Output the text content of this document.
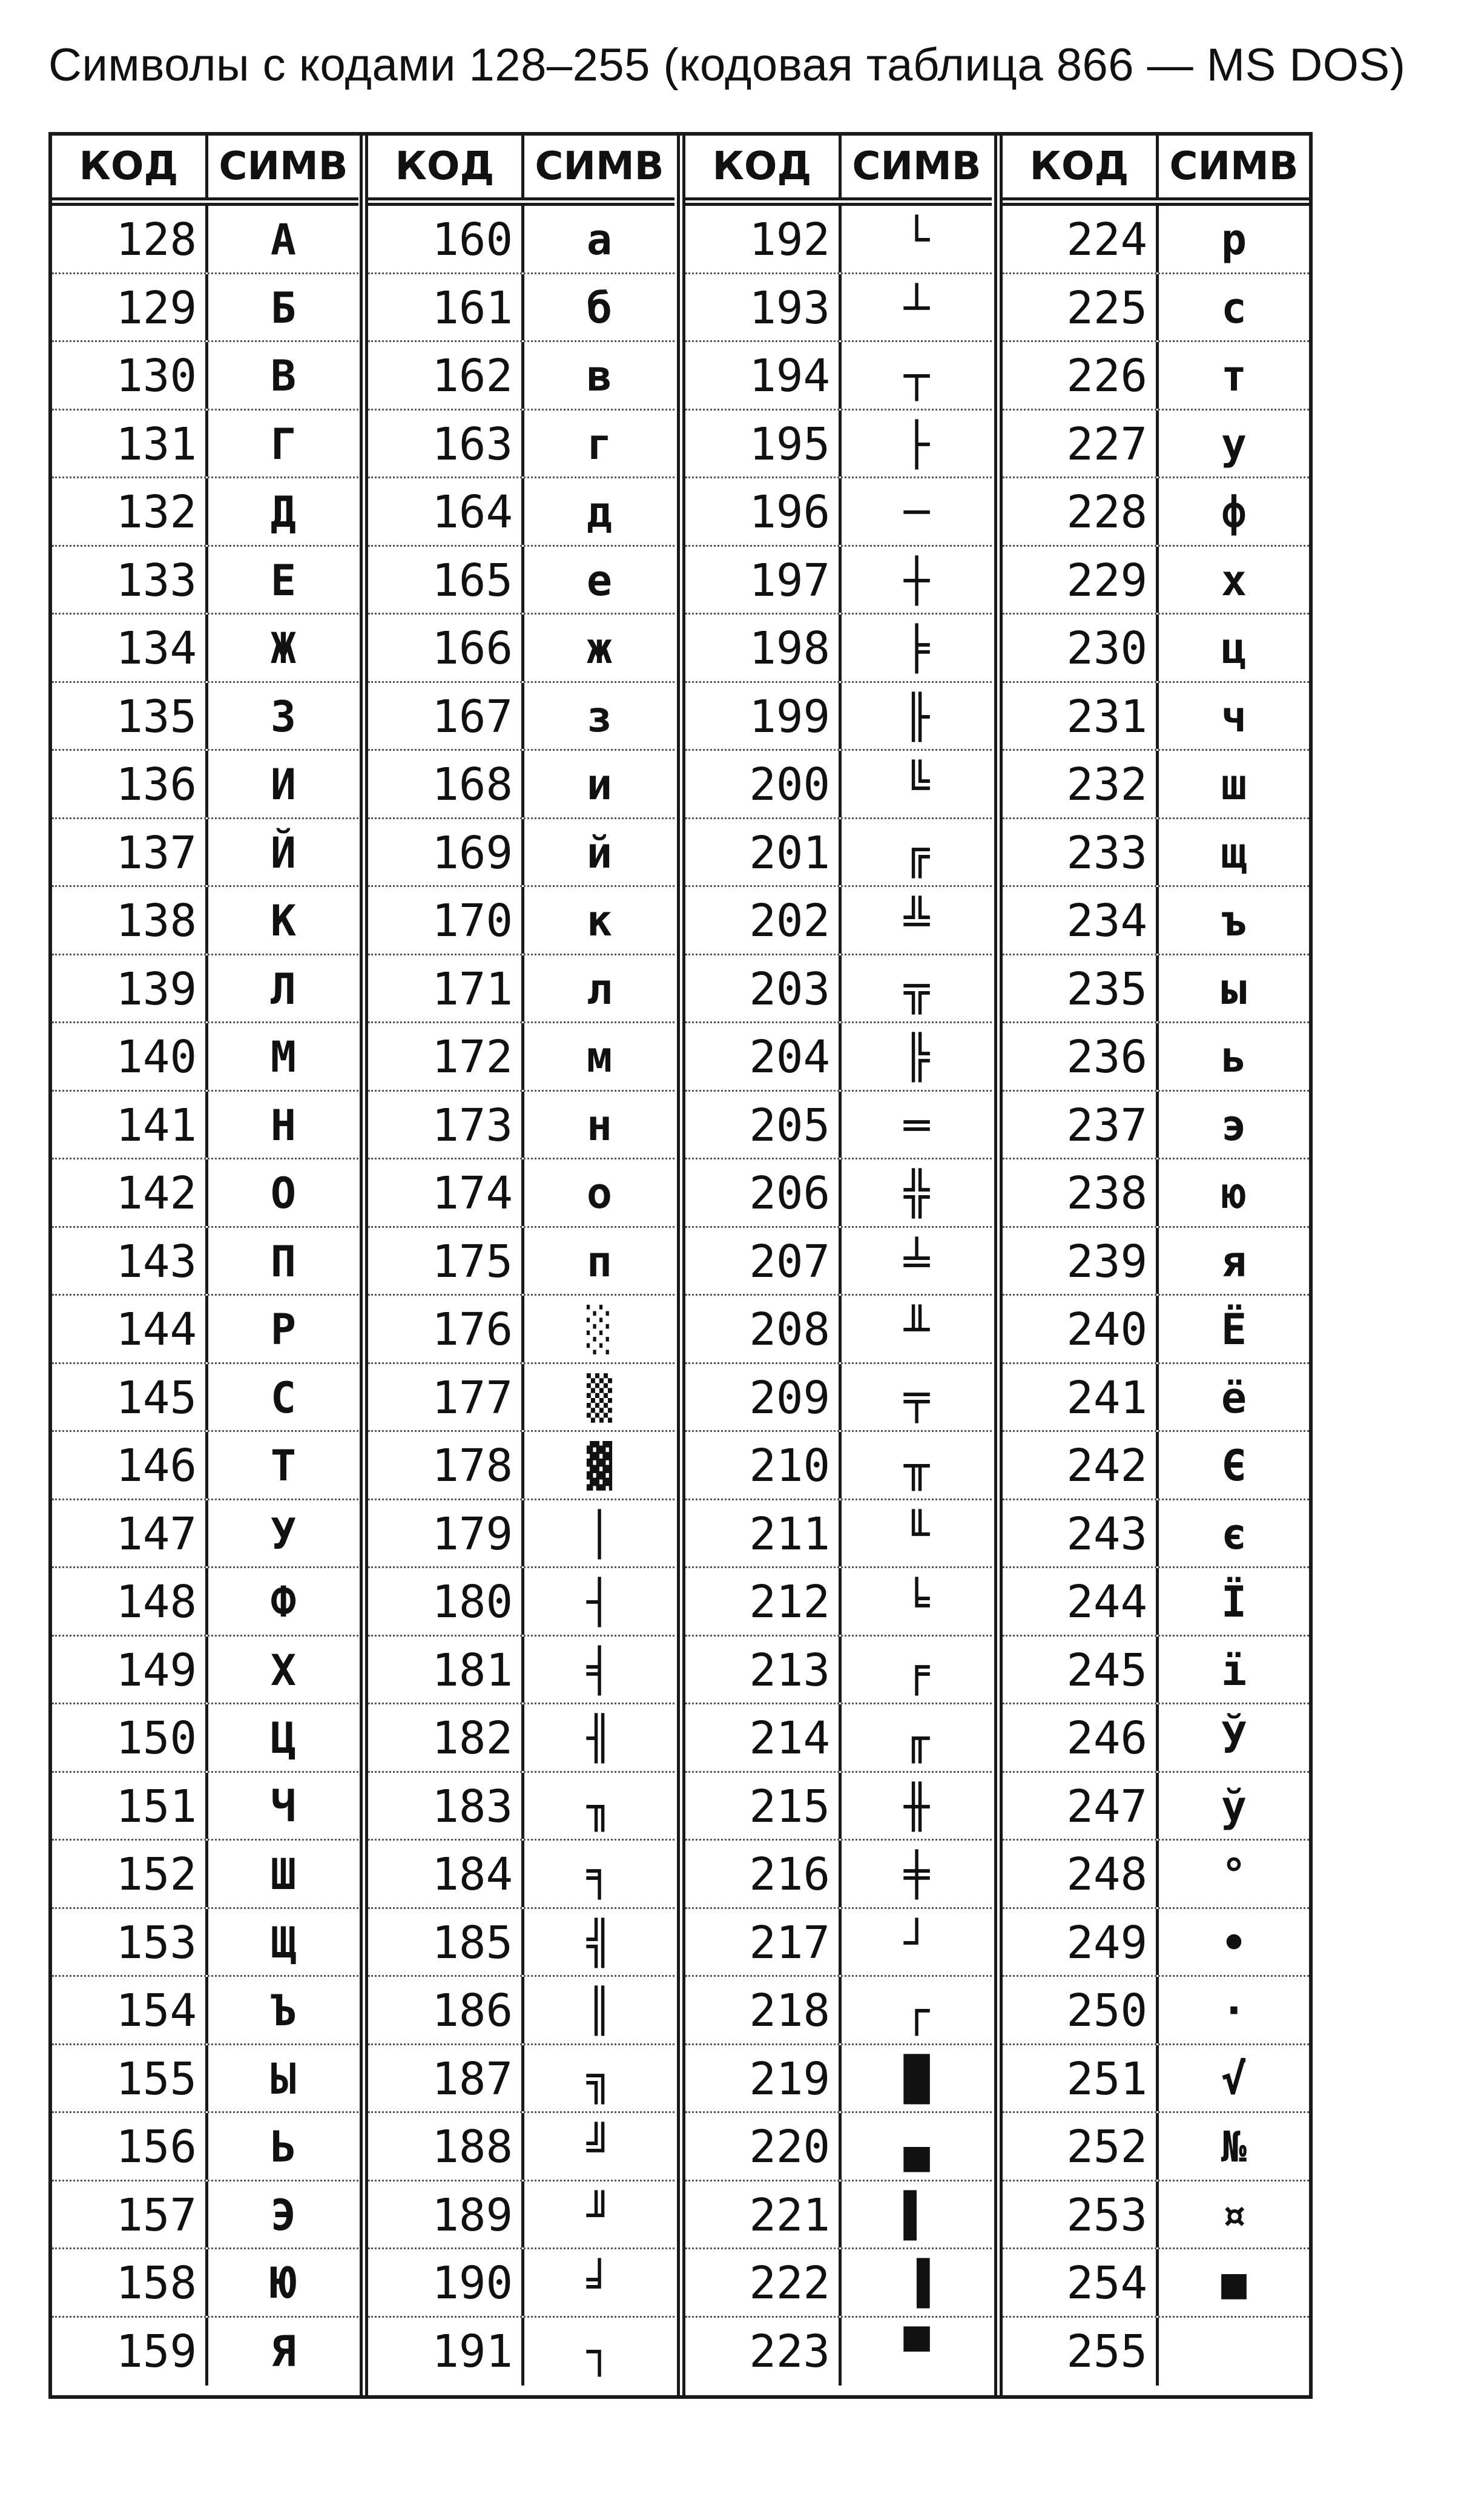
Символы с кодами 128–255 (кодовая таблица 866 — MS DOS)
КОД	СИМВ
128	А
129	Б
130	В
131	Г
132	Д
133	Е
134	Ж
135	З
136	И
137	Й
138	К
139	Л
140	М
141	Н
142	О
143	П
144	Р
145	С
146	Т
147	У
148	Ф
149	Х
150	Ц
151	Ч
152	Ш
153	Щ
154	Ъ
155	Ы
156	Ь
157	Э
158	Ю
159	Я
КОД	СИМВ
160	а
161	б
162	в
163	г
164	д
165	е
166	ж
167	з
168	и
169	й
170	к
171	л
172	м
173	н
174	о
175	п
176	░
177	▒
178	▓
179	│
180	┤
181	╡
182	╢
183	╖
184	╕
185	╣
186	║
187	╗
188	╝
189	╜
190	╛
191	┐
КОД	СИМВ
192	└
193	┴
194	┬
195	├
196	─
197	┼
198	╞
199	╟
200	╚
201	╔
202	╩
203	╦
204	╠
205	═
206	╬
207	╧
208	╨
209	╤
210	╥
211	╙
212	╘
213	╒
214	╓
215	╫
216	╪
217	┘
218	┌
219	█
220	▄
221	▌
222	▐
223	▀
КОД	СИМВ
224	р
225	с
226	т
227	у
228	ф
229	х
230	ц
231	ч
232	ш
233	щ
234	ъ
235	ы
236	ь
237	э
238	ю
239	я
240	Ё
241	ё
242	Є
243	є
244	Ї
245	ї
246	Ў
247	ў
248	°
249	•
250	·
251	√
252	№
253	¤
254	■
255
